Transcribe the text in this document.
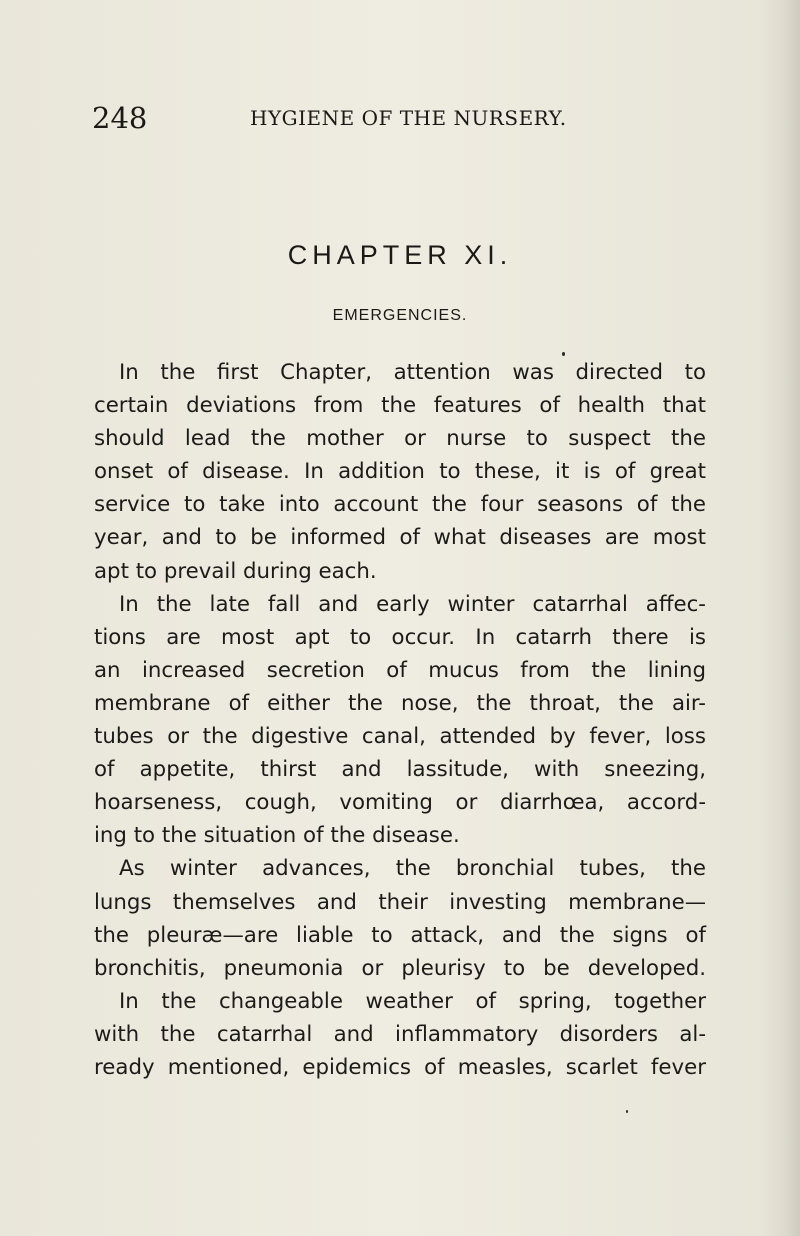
248	HYGIENE OF THE NURSERY.
CHAPTER XI.
EMERGENCIES.
In the first Chapter, attention was directed to
certain deviations from the features of health that
should lead the mother or nurse to suspect the
onset of disease. In addition to these, it is of great
service to take into account the four seasons of the
year, and to be informed of what diseases are most
apt to prevail during each.
In the late fall and early winter catarrhal affec-
tions are most apt to occur. In catarrh there is
an increased secretion of mucus from the lining
membrane of either the nose, the throat, the air-
tubes or the digestive canal, attended by fever, loss
of appetite, thirst and lassitude, with sneezing,
hoarseness, cough, vomiting or diarrhœa, accord-
ing to the situation of the disease.
As winter advances, the bronchial tubes, the
lungs themselves and their investing membrane—
the pleuræ—are liable to attack, and the signs of
bronchitis, pneumonia or pleurisy to be developed.
In the changeable weather of spring, together
with the catarrhal and inflammatory disorders al-
ready mentioned, epidemics of measles, scarlet fever
